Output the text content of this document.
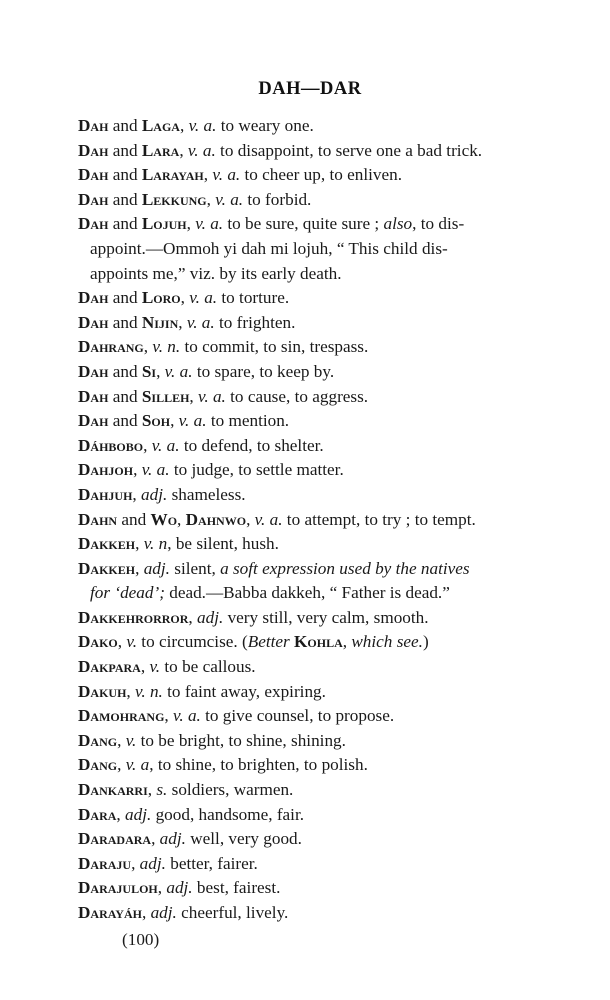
DAH—DAR

Dah and Laga, v. a. to weary one.

Dah and Lara, v. a. to disappoint, to serve one a bad trick.

Dah and Larayah, v. a. to cheer up, to enliven.

Dah and Lekkung, v. a. to forbid.

Dah and Lojuh, v. a. to be sure, quite sure ; also, to dis-
appoint.—Ommoh yi dah mi lojuh, “ This child dis-
appoints me,” viz. by its early death.

Dah and Loro, v. a. to torture.

Dah and Nijin, v. a. to frighten.

Dahrang, v. n. to commit, to sin, trespass.

Dah and Si, v. a. to spare, to keep by.

Dah and Silleh, v. a. to cause, to aggress.

Dah and Soh, v. a. to mention.

Dáhbobo, v. a. to defend, to shelter.

Dahjoh, v. a. to judge, to settle matter.

Dahjuh, adj. shameless.

Dahn and Wo, Dahnwo, v. a. to attempt, to try ; to tempt.

Dakkeh, v. n, be silent, hush.

Dakkeh, adj. silent, a soft expression used by the natives
for ‘dead’; dead.—Babba dakkeh, “ Father is dead.”

Dakkehrorror, adj. very still, very calm, smooth.

Dako, v. to circumcise. (Better Kohla, which see.)

Dakpara, v. to be callous.

Dakuh, v. n. to faint away, expiring.

Damohrang, v. a. to give counsel, to propose.

Dang, v. to be bright, to shine, shining.

Dang, v. a, to shine, to brighten, to polish.

Dankarri, s. soldiers, warmen.

Dara, adj. good, handsome, fair.

Daradara, adj. well, very good.

Daraju, adj. better, fairer.

Darajuloh, adj. best, fairest.

Darayáh, adj. cheerful, lively.

(100)
